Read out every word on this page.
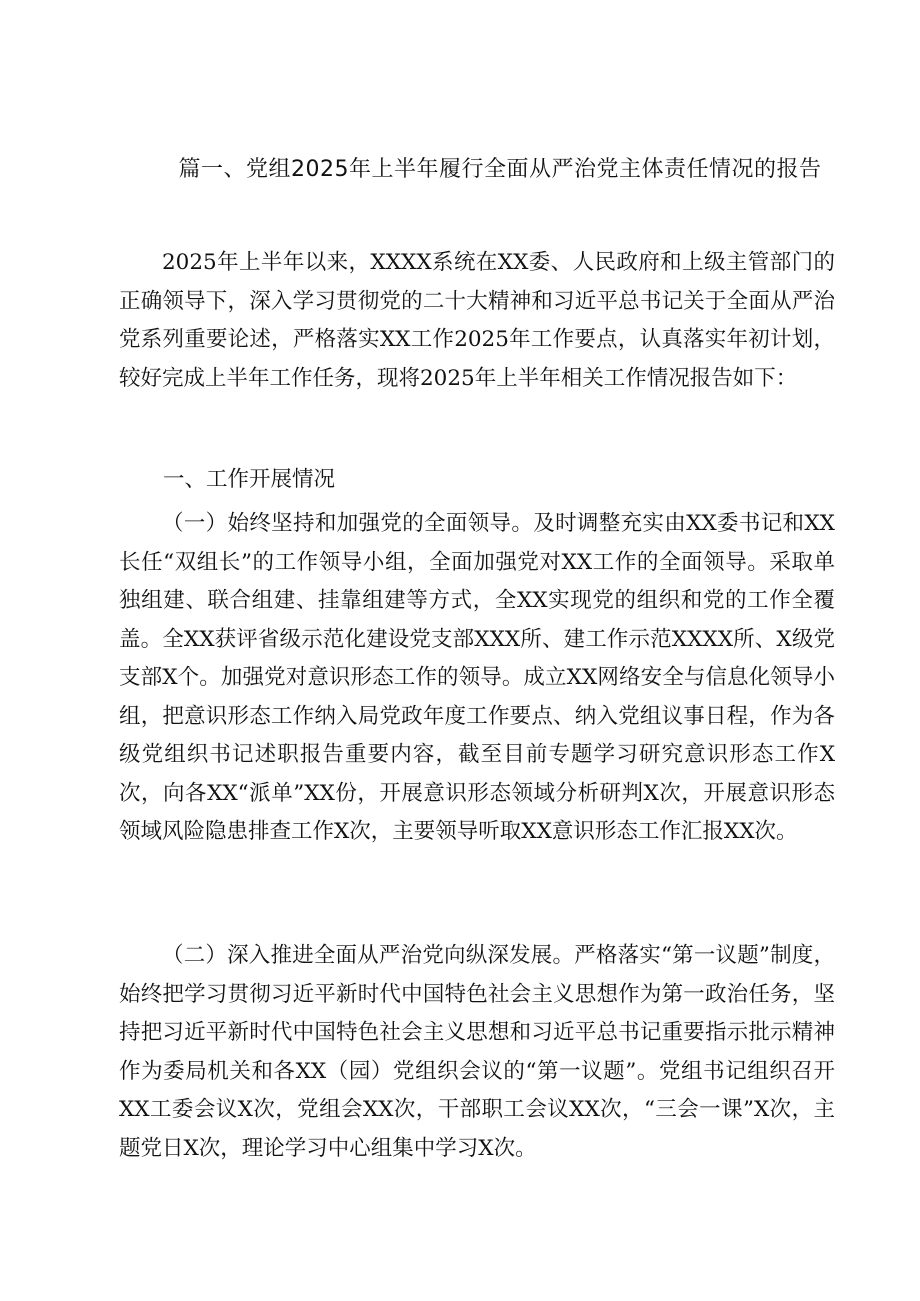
篇一、党组2025年上半年履行全面从严治党主体责任情况的报告

2025年上半年以来，XXXX系统在XX委、人民政府和上级主管部门的正确领导下，深入学习贯彻党的二十大精神和习近平总书记关于全面从严治党系列重要论述，严格落实XX工作2025年工作要点，认真落实年初计划，较好完成上半年工作任务，现将2025年上半年相关工作情况报告如下：

一、工作开展情况

（一）始终坚持和加强党的全面领导。及时调整充实由XX委书记和XX长任“双组长”的工作领导小组，全面加强党对XX工作的全面领导。采取单独组建、联合组建、挂靠组建等方式，全XX实现党的组织和党的工作全覆盖。全XX获评省级示范化建设党支部XXX所、建工作示范XXXX所、X级党支部X个。加强党对意识形态工作的领导。成立XX网络安全与信息化领导小组，把意识形态工作纳入局党政年度工作要点、纳入党组议事日程，作为各级党组织书记述职报告重要内容，截至目前专题学习研究意识形态工作X次，向各XX“派单”XX份，开展意识形态领域分析研判X次，开展意识形态领域风险隐患排查工作X次，主要领导听取XX意识形态工作汇报XX次。

（二）深入推进全面从严治党向纵深发展。严格落实“第一议题”制度，始终把学习贯彻习近平新时代中国特色社会主义思想作为第一政治任务，坚持把习近平新时代中国特色社会主义思想和习近平总书记重要指示批示精神作为委局机关和各XX（园）党组织会议的“第一议题”。党组书记组织召开XX工委会议X次，党组会XX次，干部职工会议XX次，“三会一课”X次，主题党日X次，理论学习中心组集中学习X次。
